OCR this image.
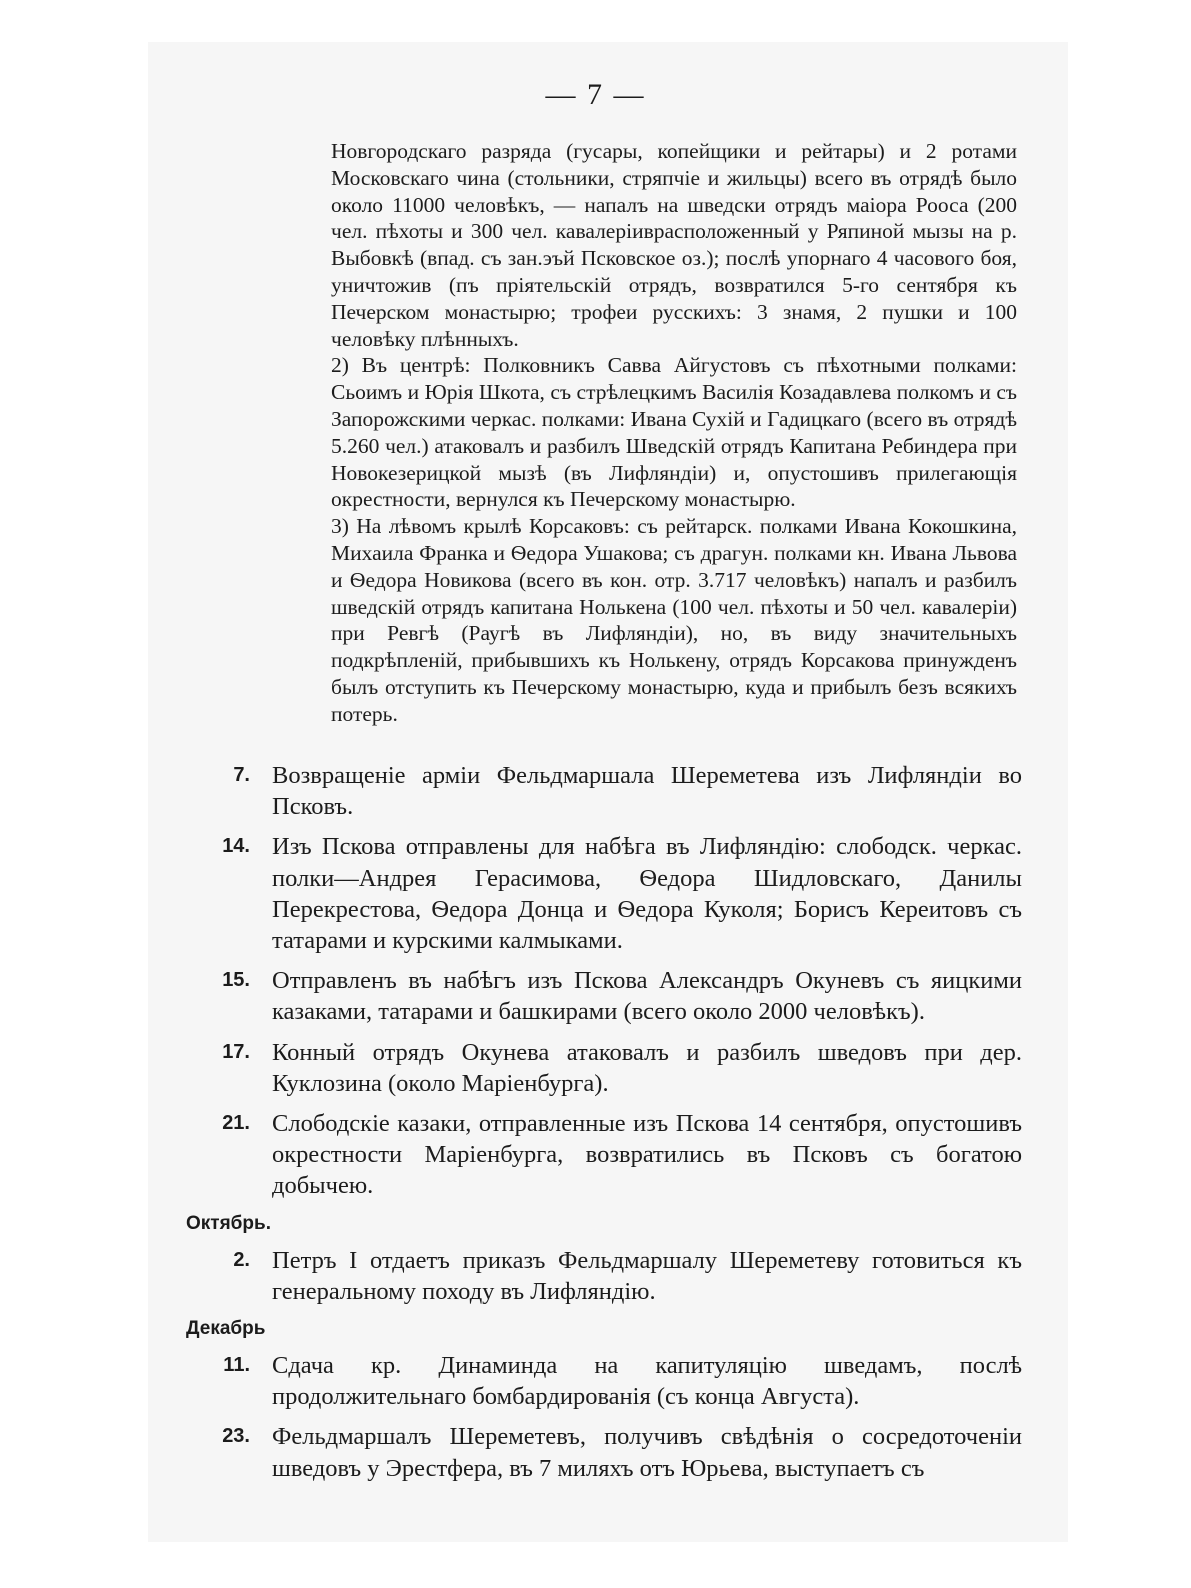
— 7 —

Новгородскаго разряда (гусары, копейщики и рейтары) и 2 ротами Московскаго чина (стольники, стряпчіе и жильцы) всего въ отрядѣ было около 11000 человѣкъ, — напалъ на шведски отрядъ маіора Рооса (200 чел. пѣхоты и 300 чел. кавалеріиврасположенный у Ряпиной мызы на р. Выбовкѣ (впад. съ зан.эъй Псковское оз.); послѣ упорнаго 4 часового боя, уничтожив (пъ пріятельскій отрядъ, возвратился 5-го сентября къ Печерском монастырю; трофеи русскихъ: 3 знамя, 2 пушки и 100 человѣку плѣнныхъ.

2) Въ центрѣ: Полковникъ Савва Айгустовъ съ пѣхотными полками: Сьоимъ и Юрія Шкота, съ стрѣлецкимъ Василія Козадавлева полкомъ и съ Запорожскими черкас. полками: Ивана Сухій и Гадицкаго (всего въ отрядѣ 5.260 чел.) атаковалъ и разбилъ Шведскій отрядъ Капитана Ребиндера при Новокезерицкой мызѣ (въ Лифляндіи) и, опустошивъ прилегающія окрестности, вернулся къ Печерскому монастырю.

3) На лѣвомъ крылѣ Корсаковъ: съ рейтарск. полками Ивана Кокошкина, Михаила Франка и Ѳедора Ушакова; съ драгун. полками кн. Ивана Львова и Ѳедора Новикова (всего въ кон. отр. 3.717 человѣкъ) напалъ и разбилъ шведскій отрядъ капитана Нолькена (100 чел. пѣхоты и 50 чел. кавалеріи) при Ревгѣ (Раугѣ въ Лифляндіи), но, въ виду значительныхъ подкрѣпленій, прибывшихъ къ Нолькену, отрядъ Корсакова принужденъ былъ отступить къ Печерскому монастырю, куда и прибылъ безъ всякихъ потерь.

7. Возвращеніе арміи Фельдмаршала Шереметева изъ Лифляндіи во Псковъ.
14. Изъ Пскова отправлены для набѣга въ Лифляндію: слободск. черкас. полки—Андрея Герасимова, Ѳедора Шидловскаго, Данилы Перекрестова, Ѳедора Донца и Ѳедора Куколя; Борисъ Кереитовъ съ татарами и курскими калмыками.
15. Отправленъ въ набѣгъ изъ Пскова Александръ Окуневъ съ яицкими казаками, татарами и башкирами (всего около 2000 человѣкъ).
17. Конный отрядъ Окунева атаковалъ и разбилъ шведовъ при дер. Куклозина (около Маріенбурга).
21. Слободскіе казаки, отправленные изъ Пскова 14 сентября, опустошивъ окрестности Маріенбурга, возвратились въ Псковъ съ богатою добычею.
Октябрь.
2. Петръ I отдаетъ приказъ Фельдмаршалу Шереметеву готовиться къ генеральному походу въ Лифляндію.
Декабрь
11. Сдача кр. Динаминда на капитуляцію шведамъ, послѣ продолжительнаго бомбардированія (съ конца Августа).
23. Фельдмаршалъ Шереметевъ, получивъ свѣдѣнія о сосредоточеніи шведовъ у Эрестфера, въ 7 миляхъ отъ Юрьева, выступаетъ съ
